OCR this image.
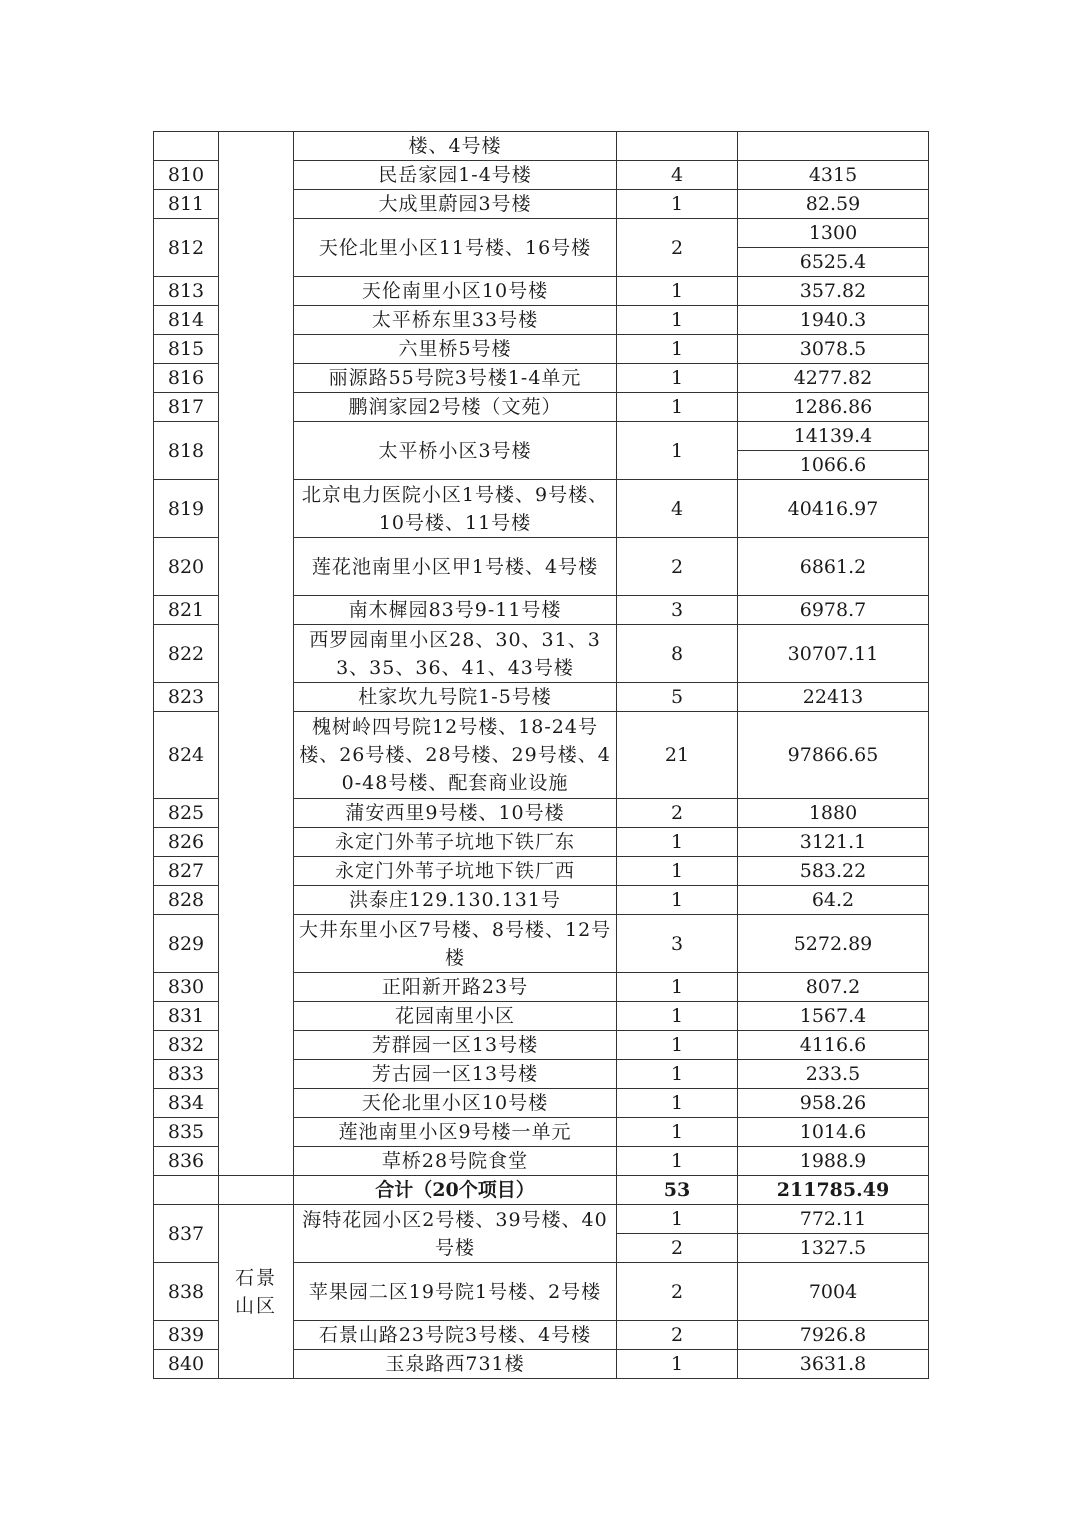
		楼、4号楼		
810		民岳家园1-4号楼	4	4315
811		大成里蔚园3号楼	1	82.59
812		天伦北里小区11号楼、16号楼	2	1300
				6525.4
813		天伦南里小区10号楼	1	357.82
814		太平桥东里33号楼	1	1940.3
815		六里桥5号楼	1	3078.5
816		丽源路55号院3号楼1-4单元	1	4277.82
817		鹏润家园2号楼（文苑）	1	1286.86
818		太平桥小区3号楼	1	14139.4
				1066.6
819		北京电力医院小区1号楼、9号楼、10号楼、11号楼	4	40416.97
820		莲花池南里小区甲1号楼、4号楼	2	6861.2
821		南木樨园83号9-11号楼	3	6978.7
822		西罗园南里小区28、30、31、33、35、36、41、43号楼	8	30707.11
823		杜家坎九号院1-5号楼	5	22413
824		槐树岭四号院12号楼、18-24号楼、26号楼、28号楼、29号楼、40-48号楼、配套商业设施	21	97866.65
825		蒲安西里9号楼、10号楼	2	1880
826		永定门外苇子坑地下铁厂东	1	3121.1
827		永定门外苇子坑地下铁厂西	1	583.22
828		洪泰庄129.130.131号	1	64.2
829		大井东里小区7号楼、8号楼、12号楼	3	5272.89
830		正阳新开路23号	1	807.2
831		花园南里小区	1	1567.4
832		芳群园一区13号楼	1	4116.6
833		芳古园一区13号楼	1	233.5
834		天伦北里小区10号楼	1	958.26
835		莲池南里小区9号楼一单元	1	1014.6
836		草桥28号院食堂	1	1988.9
		合计（20个项目）	53	211785.49
837	石景山区	海特花园小区2号楼、39号楼、40号楼	1	772.11
			2	1327.5
838		苹果园二区19号院1号楼、2号楼	2	7004
839		石景山路23号院3号楼、4号楼	2	7926.8
840		玉泉路西731楼	1	3631.8
